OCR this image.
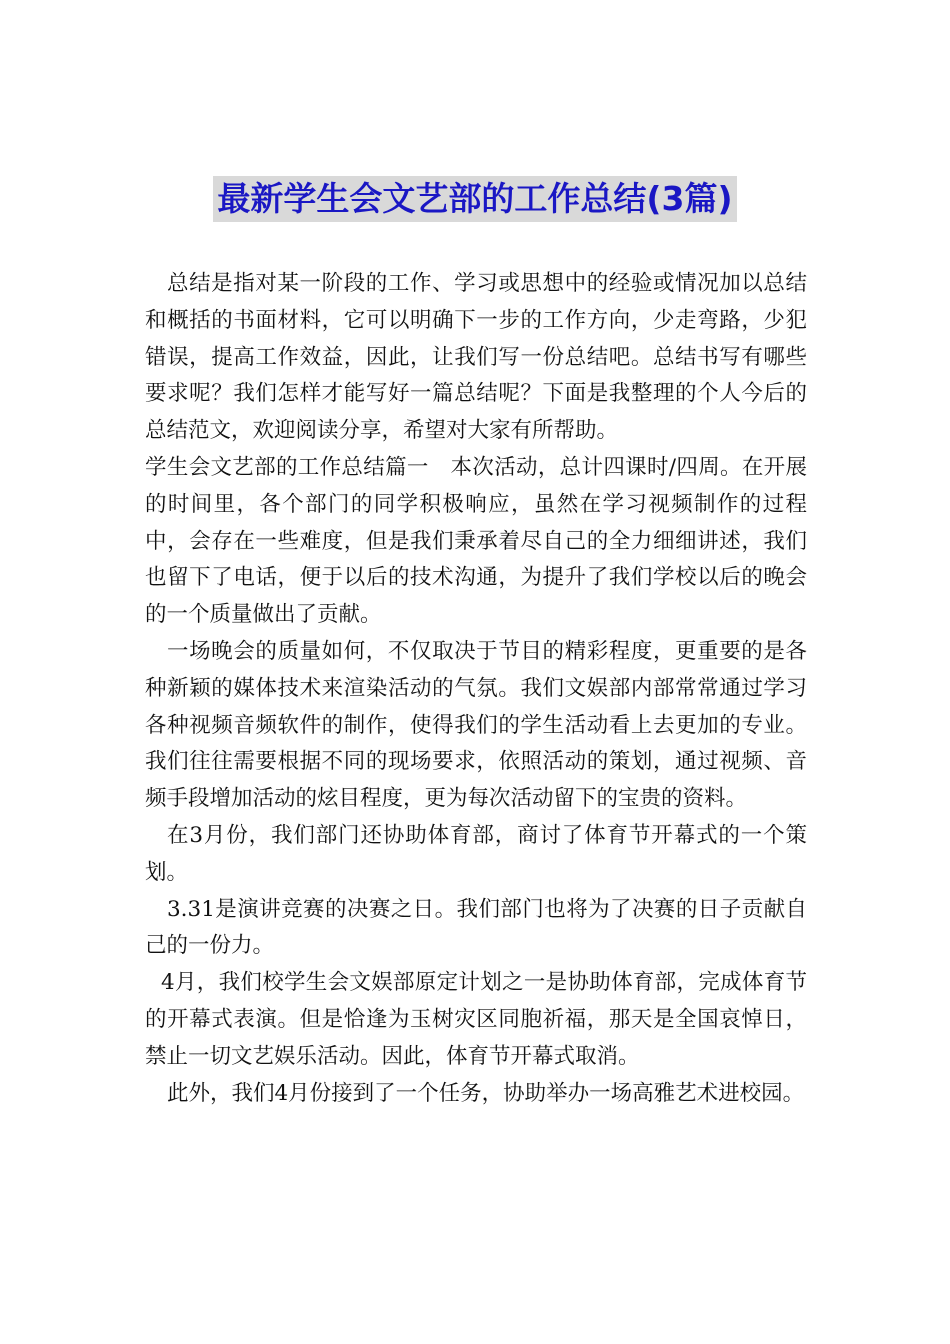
最新学生会文艺部的工作总结(3篇)

总结是指对某一阶段的工作、学习或思想中的经验或情况加以总结和概括的书面材料，它可以明确下一步的工作方向，少走弯路，少犯错误，提高工作效益，因此，让我们写一份总结吧。总结书写有哪些要求呢？我们怎样才能写好一篇总结呢？下面是我整理的个人今后的总结范文，欢迎阅读分享，希望对大家有所帮助。

学生会文艺部的工作总结篇一　本次活动，总计四课时/四周。在开展的时间里，各个部门的同学积极响应，虽然在学习视频制作的过程中，会存在一些难度，但是我们秉承着尽自己的全力细细讲述，我们也留下了电话，便于以后的技术沟通，为提升了我们学校以后的晚会的一个质量做出了贡献。

一场晚会的质量如何，不仅取决于节目的精彩程度，更重要的是各种新颖的媒体技术来渲染活动的气氛。我们文娱部内部常常通过学习各种视频音频软件的制作，使得我们的学生活动看上去更加的专业。我们往往需要根据不同的现场要求，依照活动的策划，通过视频、音频手段增加活动的炫目程度，更为每次活动留下的宝贵的资料。

在3月份，我们部门还协助体育部，商讨了体育节开幕式的一个策划。

3.31是演讲竞赛的决赛之日。我们部门也将为了决赛的日子贡献自己的一份力。

4月，我们校学生会文娱部原定计划之一是协助体育部，完成体育节的开幕式表演。但是恰逢为玉树灾区同胞祈福，那天是全国哀悼日，禁止一切文艺娱乐活动。因此，体育节开幕式取消。

此外，我们4月份接到了一个任务，协助举办一场高雅艺术进校园。
